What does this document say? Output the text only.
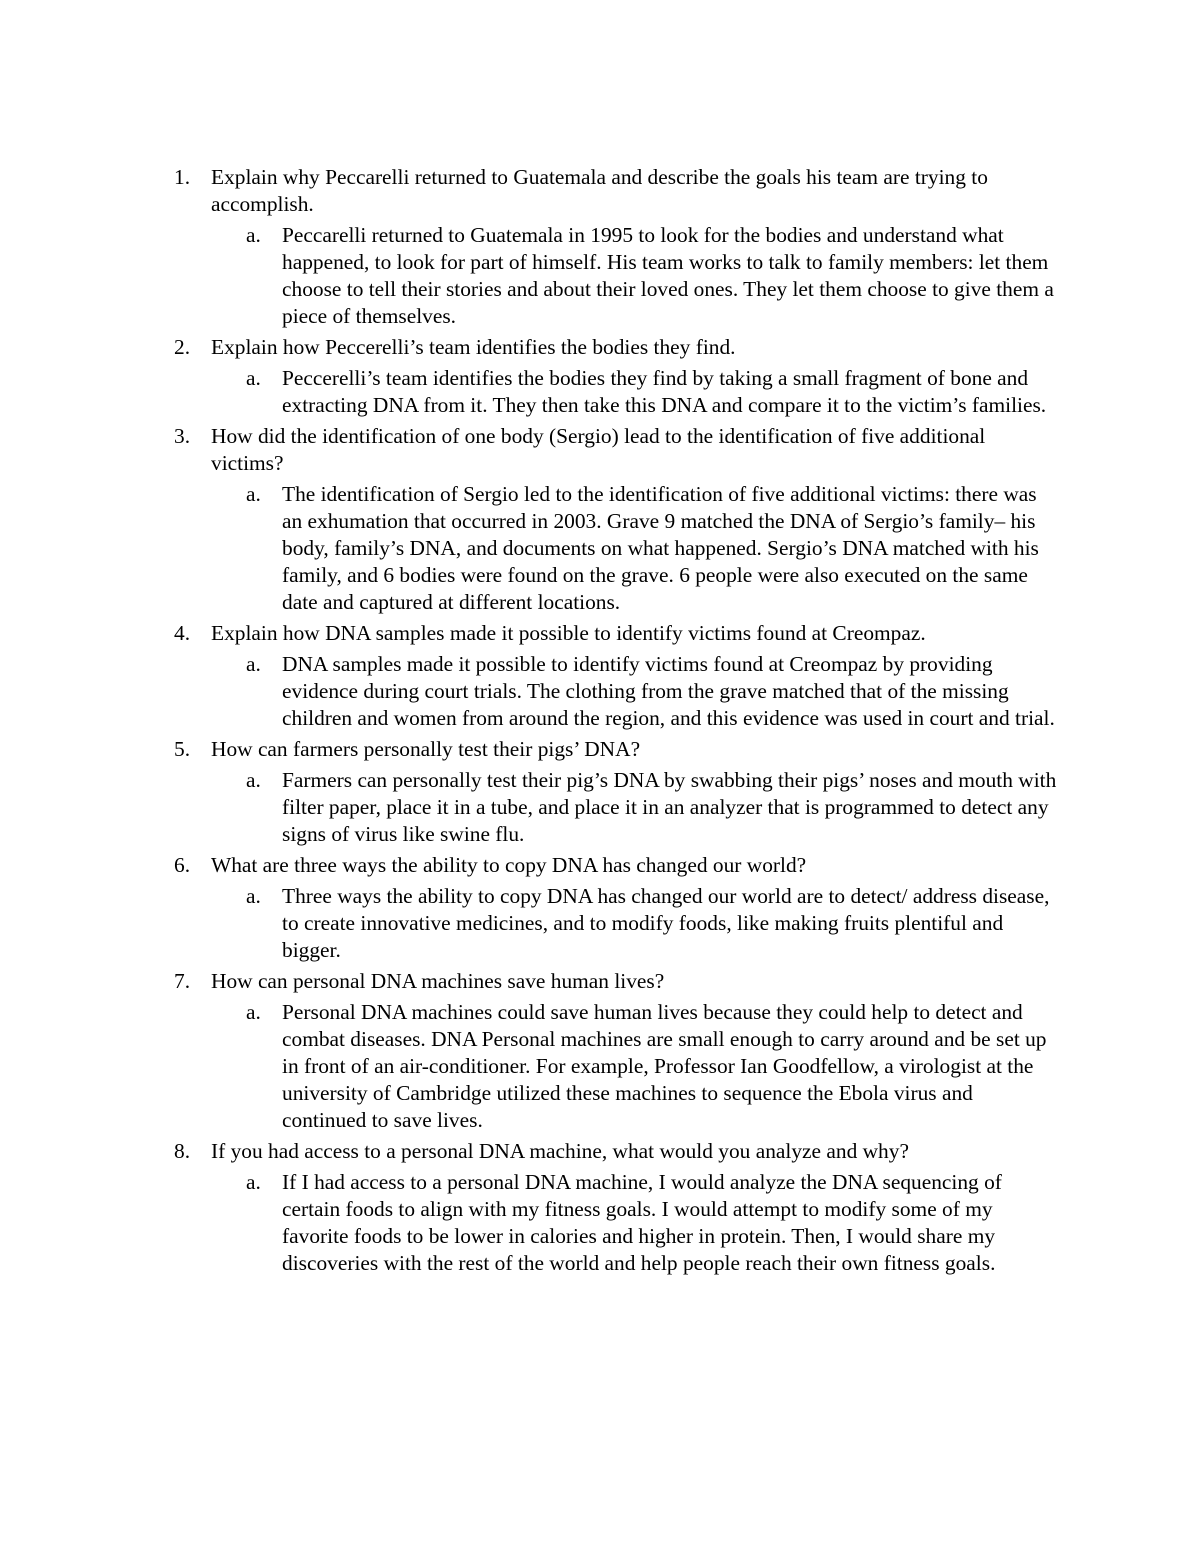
1. Explain why Peccarelli returned to Guatemala and describe the goals his team are trying to accomplish.
a. Peccarelli returned to Guatemala in 1995 to look for the bodies and understand what happened, to look for part of himself. His team works to talk to family members: let them choose to tell their stories and about their loved ones. They let them choose to give them a piece of themselves.
2. Explain how Peccerelli’s team identifies the bodies they find.
a. Peccerelli’s team identifies the bodies they find by taking a small fragment of bone and extracting DNA from it. They then take this DNA and compare it to the victim’s families.
3. How did the identification of one body (Sergio) lead to the identification of five additional victims?
a. The identification of Sergio led to the identification of five additional victims: there was an exhumation that occurred in 2003. Grave 9 matched the DNA of Sergio’s family– his body, family’s DNA, and documents on what happened. Sergio’s DNA matched with his family, and 6 bodies were found on the grave. 6 people were also executed on the same date and captured at different locations.
4. Explain how DNA samples made it possible to identify victims found at Creompaz.
a. DNA samples made it possible to identify victims found at Creompaz by providing evidence during court trials. The clothing from the grave matched that of the missing children and women from around the region, and this evidence was used in court and trial.
5. How can farmers personally test their pigs’ DNA?
a. Farmers can personally test their pig’s DNA by swabbing their pigs’ noses and mouth with filter paper, place it in a tube, and place it in an analyzer that is programmed to detect any signs of virus like swine flu.
6. What are three ways the ability to copy DNA has changed our world?
a. Three ways the ability to copy DNA has changed our world are to detect/ address disease, to create innovative medicines, and to modify foods, like making fruits plentiful and bigger.
7. How can personal DNA machines save human lives?
a. Personal DNA machines could save human lives because they could help to detect and combat diseases. DNA Personal machines are small enough to carry around and be set up in front of an air-conditioner. For example, Professor Ian Goodfellow, a virologist at the university of Cambridge utilized these machines to sequence the Ebola virus and continued to save lives.
8. If you had access to a personal DNA machine, what would you analyze and why?
a. If I had access to a personal DNA machine, I would analyze the DNA sequencing of certain foods to align with my fitness goals. I would attempt to modify some of my favorite foods to be lower in calories and higher in protein. Then, I would share my discoveries with the rest of the world and help people reach their own fitness goals.
